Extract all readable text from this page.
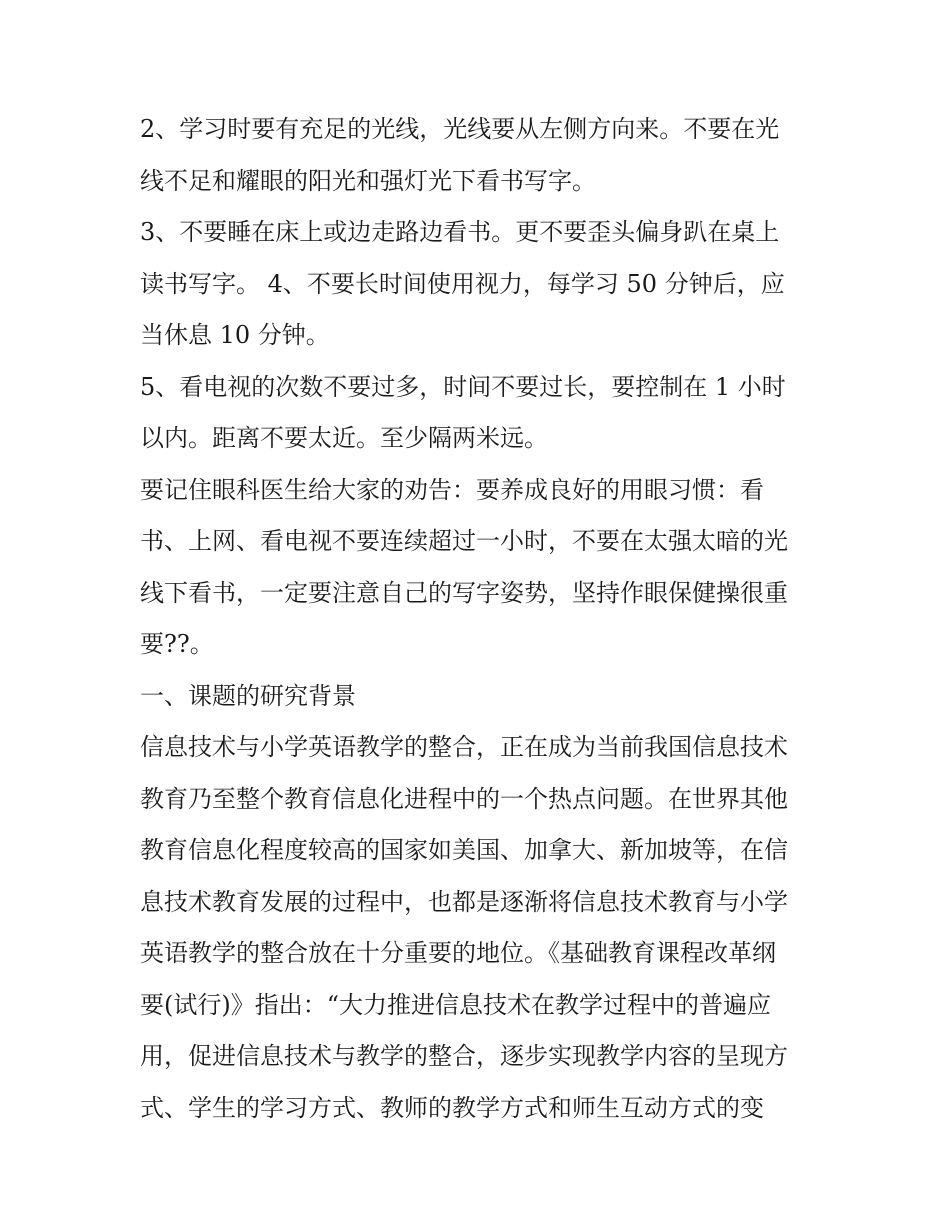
2、学习时要有充足的光线，光线要从左侧方向来。不要在光
线不足和耀眼的阳光和强灯光下看书写字。
3、不要睡在床上或边走路边看书。更不要歪头偏身趴在桌上
读书写字。 4、不要长时间使用视力，每学习 50 分钟后，应
当休息 10 分钟。
5、看电视的次数不要过多，时间不要过长，要控制在 1 小时
以内。距离不要太近。至少隔两米远。
要记住眼科医生给大家的劝告：要养成良好的用眼习惯：看
书、上网、看电视不要连续超过一小时，不要在太强太暗的光
线下看书，一定要注意自己的写字姿势，坚持作眼保健操很重
要??。
一、课题的研究背景
信息技术与小学英语教学的整合，正在成为当前我国信息技术
教育乃至整个教育信息化进程中的一个热点问题。在世界其他
教育信息化程度较高的国家如美国、加拿大、新加坡等，在信
息技术教育发展的过程中，也都是逐渐将信息技术教育与小学
英语教学的整合放在十分重要的地位。《基础教育课程改革纲
要(试行)》指出：“大力推进信息技术在教学过程中的普遍应
用，促进信息技术与教学的整合，逐步实现教学内容的呈现方
式、学生的学习方式、教师的教学方式和师生互动方式的变
